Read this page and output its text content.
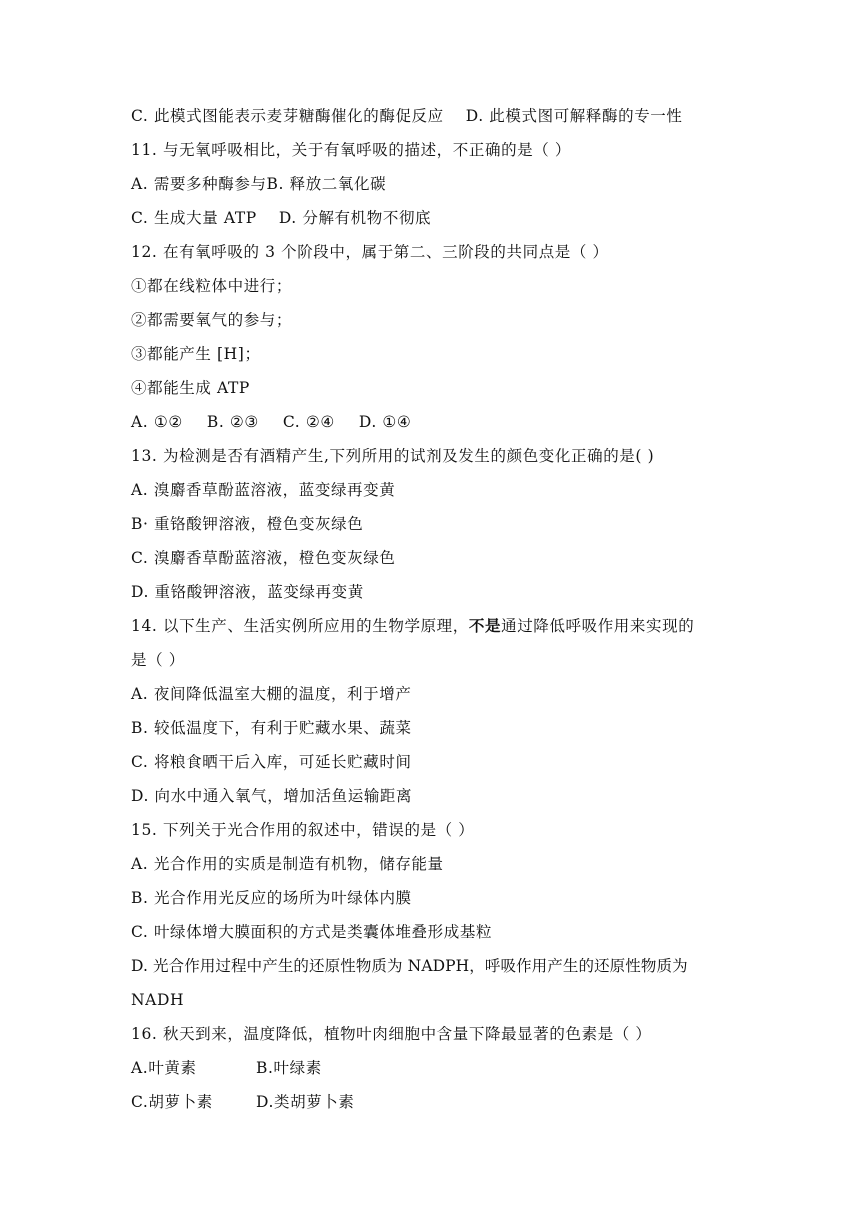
C. 此模式图能表示麦芽糖酶催化的酶促反应 D. 此模式图可解释酶的专一性
11. 与无氧呼吸相比，关于有氧呼吸的描述，不正确的是（ ）
A. 需要多种酶参与B. 释放二氧化碳
C. 生成大量 ATP D. 分解有机物不彻底
12. 在有氧呼吸的 3 个阶段中，属于第二、三阶段的共同点是（ ）
①都在线粒体中进行；
②都需要氧气的参与；
③都能产生 [H]；
④都能生成 ATP
A. ①② B. ②③ C. ②④ D. ①④
13. 为检测是否有酒精产生,下列所用的试剂及发生的颜色变化正确的是( )
A. 溴麝香草酚蓝溶液，蓝变绿再变黄
B· 重铬酸钾溶液，橙色变灰绿色
C. 溴麝香草酚蓝溶液，橙色变灰绿色
D. 重铬酸钾溶液，蓝变绿再变黄
14. 以下生产、生活实例所应用的生物学原理，不是通过降低呼吸作用来实现的
是（ ）
A. 夜间降低温室大棚的温度，利于增产
B. 较低温度下，有利于贮藏水果、蔬菜
C. 将粮食晒干后入库，可延长贮藏时间
D. 向水中通入氧气，增加活鱼运输距离
15. 下列关于光合作用的叙述中，错误的是（ ）
A. 光合作用的实质是制造有机物，储存能量
B. 光合作用光反应的场所为叶绿体内膜
C. 叶绿体增大膜面积的方式是类囊体堆叠形成基粒
D. 光合作用过程中产生的还原性物质为 NADPH，呼吸作用产生的还原性物质为
NADH
16. 秋天到来，温度降低，植物叶肉细胞中含量下降最显著的色素是（ ）
A.叶黄素	B.叶绿素
C.胡萝卜素	D.类胡萝卜素
